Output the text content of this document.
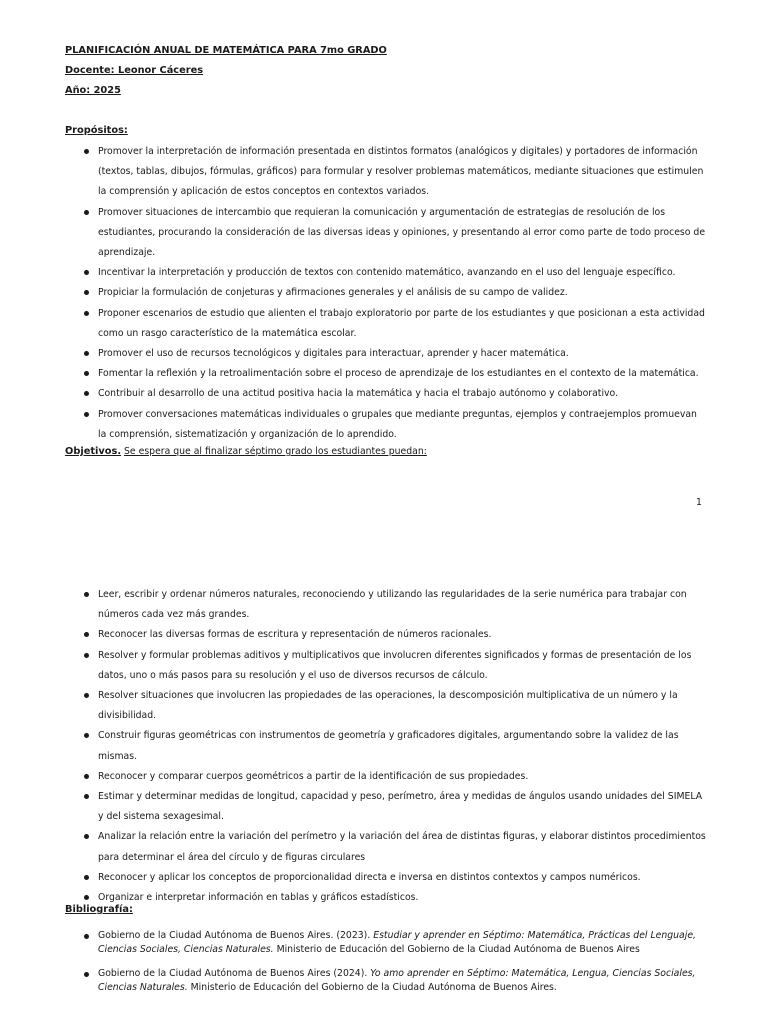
PLANIFICACIÓN ANUAL DE MATEMÁTICA PARA 7mo GRADO
Docente: Leonor Cáceres
Año: 2025
Propósitos:
Promover la interpretación de información presentada en distintos formatos (analógicos y digitales) y portadores de información (textos, tablas, dibujos, fórmulas, gráficos) para formular y resolver problemas matemáticos, mediante situaciones que estimulen la comprensión y aplicación de estos conceptos en contextos variados.
Promover situaciones de intercambio que requieran la comunicación y argumentación de estrategias de resolución de los estudiantes, procurando la consideración de las diversas ideas y opiniones, y presentando al error como parte de todo proceso de aprendizaje.
Incentivar la interpretación y producción de textos con contenido matemático, avanzando en el uso del lenguaje específico.
Propiciar la formulación de conjeturas y afirmaciones generales y el análisis de su campo de validez.
Proponer escenarios de estudio que alienten el trabajo exploratorio por parte de los estudiantes y que posicionan a esta actividad como un rasgo característico de la matemática escolar.
Promover el uso de recursos tecnológicos y digitales para interactuar, aprender y hacer matemática.
Fomentar la reflexión y la retroalimentación sobre el proceso de aprendizaje de los estudiantes en el contexto de la matemática.
Contribuir al desarrollo de una actitud positiva hacia la matemática y hacia el trabajo autónomo y colaborativo.
Promover conversaciones matemáticas individuales o grupales que mediante preguntas, ejemplos y contraejemplos promuevan la comprensión, sistematización y organización de lo aprendido.
Objetivos. Se espera que al finalizar séptimo grado los estudiantes puedan:
1
Leer, escribir y ordenar números naturales, reconociendo y utilizando las regularidades de la serie numérica para trabajar con números cada vez más grandes.
Reconocer las diversas formas de escritura y representación de números racionales.
Resolver y formular problemas aditivos y multiplicativos que involucren diferentes significados y formas de presentación de los datos, uno o más pasos para su resolución y el uso de diversos recursos de cálculo.
Resolver situaciones que involucren las propiedades de las operaciones, la descomposición multiplicativa de un número y la divisibilidad.
Construir figuras geométricas con instrumentos de geometría y graficadores digitales, argumentando sobre la validez de las mismas.
Reconocer y comparar cuerpos geométricos a partir de la identificación de sus propiedades.
Estimar y determinar medidas de longitud, capacidad y peso, perímetro, área y medidas de ángulos usando unidades del SIMELA y del sistema sexagesimal.
Analizar la relación entre la variación del perímetro y la variación del área de distintas figuras, y elaborar distintos procedimientos para determinar el área del círculo y de figuras circulares
Reconocer y aplicar los conceptos de proporcionalidad directa e inversa en distintos contextos y campos numéricos.
Organizar e interpretar información en tablas y gráficos estadísticos.
Bibliografía:
Gobierno de la Ciudad Autónoma de Buenos Aires. (2023). Estudiar y aprender en Séptimo: Matemática, Prácticas del Lenguaje, Ciencias Sociales, Ciencias Naturales. Ministerio de Educación del Gobierno de la Ciudad Autónoma de Buenos Aires
Gobierno de la Ciudad Autónoma de Buenos Aires (2024). Yo amo aprender en Séptimo: Matemática, Lengua, Ciencias Sociales, Ciencias Naturales. Ministerio de Educación del Gobierno de la Ciudad Autónoma de Buenos Aires.
